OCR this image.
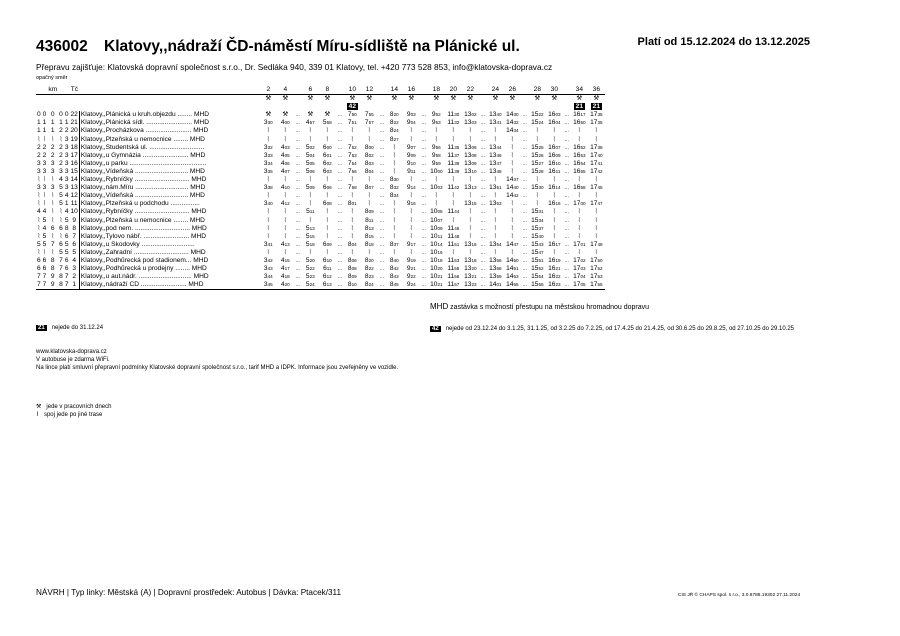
436002 Klatovy,,nádraží ČD-náměstí Míru-sídliště na Plánické ul.	Platí od 15.12.2024 do 13.12.2025
Přepravu zajišťuje: Klatovská dopravní společnost s.r.o., Dr. Sedláka 940, 339 01 Klatovy, tel. +420 773 528 853, info@klatovska-doprava.cz
opačný směr
		km			Tč		2	4		6	8		10	12		14	16		18	20	22		24	26		28	30		34	36
							⚒	⚒		⚒	⚒		⚒	⚒		⚒	⚒		⚒	⚒	⚒		⚒	⚒		⚒	⚒		⚒	⚒
													42																21	21
0	0	0	0	0	22	Klatovy,,Plánická u kruh.objezdu ........ MHD	⚒	⚒	...	⚒	⚒	...	$7^{50}$	$7^{55}$	...	$8^{20}$	$9^{03}$	...	$9^{52}$	$11^{30}$	$13^{02}$	...	$13^{40}$	$14^{30}$	...	$15^{22}$	$16^{03}$	...	$16^{17}$	$17^{35}$
1	1	1	1	1	21	Klatovy,,Plánická sídl. ......................... MHD	$3^{30}$	$4^{00}$	...	$4^{57}$	$5^{58}$	...	$7^{51}$	$7^{57}$	...	$8^{22}$	$9^{04}$	...	$9^{53}$	$11^{32}$	$13^{03}$	...	$13^{41}$	$14^{32}$	...	$15^{24}$	$16^{04}$	...	$16^{50}$	$17^{35}$
1	1	1	2	2	20	Klatovy,,Procházkova ......................... MHD	⌇	⌇	...	⌇	⌇	...	⌇	⌇	...	$8^{24}$	⌇	...	⌇	⌇	⌇	...	⌇	$14^{34}$	...	⌇	⌇	...	⌇	⌇
⌇	⌇	⌇	⌇	3	19	Klatovy,,Plzeňská u nemocnice ........ MHD	⌇	⌇	...	⌇	⌇	...	⌇	⌇	...	$8^{27}$	⌇	...	⌇	⌇	⌇	...	⌇	⌇	...	⌇	⌇	...	⌇	⌇
2	2	2	2	3	18	Klatovy,,Studentská ul. ..............................	$3^{32}$	$4^{03}$	...	$5^{02}$	$6^{00}$	...	$7^{52}$	$8^{00}$	...	⌇	$9^{07}$	...	$9^{56}$	$11^{35}$	$13^{06}$	...	$13^{44}$	⌇	...	$15^{25}$	$16^{07}$	...	$16^{52}$	$17^{38}$
2	2	2	2	3	17	Klatovy,,u Gymnázia ......................... MHD	$3^{33}$	$4^{05}$	...	$5^{04}$	$6^{01}$	...	$7^{53}$	$8^{02}$	...	⌇	$9^{09}$	...	$9^{58}$	$11^{37}$	$13^{08}$	...	$13^{46}$	⌇	...	$15^{26}$	$16^{09}$	...	$16^{53}$	$17^{40}$
3	3	3	2	3	16	Klatovy,,u parku ..........................................	$3^{34}$	$4^{06}$	...	$5^{05}$	$6^{02}$	...	$7^{54}$	$8^{03}$	...	⌇	$9^{10}$	...	$9^{59}$	$11^{38}$	$13^{09}$	...	$13^{47}$	⌇	...	$15^{27}$	$16^{10}$	...	$16^{54}$	$17^{41}$
3	3	3	3	3	15	Klatovy,,Vídeňská ............................. MHD	$3^{35}$	$4^{07}$	...	$5^{06}$	$6^{03}$	...	$7^{56}$	$8^{04}$	...	⌇	$9^{11}$	...	$10^{00}$	$11^{39}$	$13^{10}$	...	$13^{48}$	⌇	...	$15^{28}$	$16^{11}$	...	$16^{55}$	$17^{42}$
⌇	⌇	⌇	4	3	14	Klatovy,,Rybníčky .............................. MHD	⌇	⌇	...	⌇	⌇	...	⌇	⌇	...	$8^{30}$	⌇	...	⌇	⌇	⌇	...	⌇	$14^{37}$	...	⌇	⌇	...	⌇	⌇
3	3	3	5	3	13	Klatovy,,nám.Míru ............................. MHD	$3^{38}$	$4^{10}$	...	$5^{09}$	$6^{06}$	...	$7^{58}$	$8^{07}$	...	$8^{32}$	$9^{14}$	...	$10^{03}$	$11^{42}$	$13^{13}$	...	$13^{51}$	$14^{40}$	...	$15^{30}$	$16^{14}$	...	$16^{58}$	$17^{45}$
⌇	⌇	⌇	5	4	12	Klatovy,,Vídeňská ............................. MHD	⌇	⌇	...	⌇	⌇	...	⌇	⌇	...	$8^{34}$	⌇	...	⌇	⌇	⌇	...	⌇	$14^{42}$	...	⌇	⌇	...	⌇	⌇
⌇	⌇	⌇	5	1	11	Klatovy,,Plzeňská u podchodu ................	$3^{40}$	$4^{12}$	...	⌇	$6^{08}$	...	$8^{01}$	⌇	...	⌇	$9^{16}$	...	⌇	⌇	$13^{15}$	...	$13^{53}$	⌇	...	⌇	$16^{16}$	...	$17^{00}$	$17^{47}$
4	4	⌇	⌇	4	10	Klatovy,,Rybníčky .............................. MHD	⌇	⌇	...	$5^{11}$	⌇	...	⌇	$8^{09}$	...	⌇	⌇	...	$10^{05}$	$11^{44}$	⌇	...	⌇	⌇	...	$15^{31}$	⌇	...	⌇	⌇
⌇	5	⌇	⌇	5	9	Klatovy,,Plzeňská u nemocnice ........ MHD	⌇	⌇	...	⌇	⌇	...	⌇	$8^{11}$	...	⌇	⌇	...	$10^{07}$	⌇	⌇	...	⌇	⌇	...	$15^{34}$	⌇	...	⌇	⌇
⌇	4	6	6	8	8	Klatovy,,pod nem. .............................. MHD	⌇	⌇	...	$5^{13}$	⌇	...	⌇	$8^{13}$	...	⌇	⌇	...	$10^{09}$	$11^{46}$	⌇	...	⌇	⌇	...	$15^{37}$	⌇	...	⌇	⌇
⌇	5	⌇	⌇	6	7	Klatovy,,Tylovo nábř. ......................... MHD	⌇	⌇	...	$5^{15}$	⌇	...	⌇	$8^{15}$	...	⌇	⌇	...	$10^{11}$	$11^{48}$	⌇	...	⌇	⌇	...	$15^{40}$	⌇	...	⌇	⌇
5	5	7	6	5	6	Klatovy,,u Škodovky .............................	$3^{41}$	$4^{13}$	...	$5^{18}$	$6^{09}$	...	$8^{04}$	$8^{18}$	...	$8^{37}$	$9^{17}$	...	$10^{14}$	$11^{51}$	$13^{16}$	...	$13^{54}$	$14^{47}$	...	$15^{43}$	$16^{17}$	...	$17^{01}$	$17^{48}$
⌇	⌇	⌇	5	5	5	Klatovy,,Zahradní .............................. MHD	⌇	⌇	...	⌇	⌇	...	⌇	⌇	...	⌇	⌇	...	$10^{16}$	⌇	⌇	...	⌇	⌇	...	$15^{47}$	⌇	...	⌇	⌇
6	6	8	7	6	4	Klatovy,,Podhůrecká pod stadionem... MHD	$3^{42}$	$4^{15}$	...	$5^{20}$	$6^{10}$	...	$8^{06}$	$8^{20}$	...	$8^{40}$	$9^{19}$	...	$10^{18}$	$11^{53}$	$13^{18}$	...	$13^{56}$	$14^{50}$	...	$15^{51}$	$16^{19}$	...	$17^{02}$	$17^{50}$
6	6	8	7	6	3	Klatovy,,Podhůrecká u prodejny ........ MHD	$3^{43}$	$4^{17}$	...	$5^{22}$	$6^{11}$	...	$8^{08}$	$8^{22}$	...	$8^{42}$	$9^{21}$	...	$10^{20}$	$11^{55}$	$13^{20}$	...	$13^{58}$	$14^{51}$	...	$15^{52}$	$16^{21}$	...	$17^{03}$	$17^{52}$
7	7	9	8	7	2	Klatovy,,u aut.nádr. ............................. MHD	$3^{44}$	$4^{18}$	...	$5^{23}$	$6^{12}$	...	$8^{09}$	$8^{23}$	...	$8^{43}$	$9^{22}$	...	$10^{21}$	$11^{56}$	$13^{21}$	...	$13^{59}$	$14^{53}$	...	$15^{54}$	$16^{22}$	...	$17^{04}$	$17^{53}$
7	7	9	8	7	1	Klatovy,,nádraží ČD ......................... MHD	$3^{45}$	$4^{20}$	...	$5^{24}$	$6^{13}$	...	$8^{10}$	$8^{24}$	...	$8^{45}$	$9^{24}$	...	$10^{21}$	$11^{57}$	$13^{23}$	...	$14^{01}$	$14^{55}$	...	$15^{56}$	$16^{23}$	...	$17^{05}$	$17^{55}$
MHD zastávka s možností přestupu na městskou hromadnou dopravu
21 nejede do 31.12.24	42 nejede od 23.12.24 do 3.1.25, 31.1.25, od 3.2.25 do 7.2.25, od 17.4.25 do 21.4.25, od 30.6.25 do 29.8.25, od 27.10.25 do 29.10.25
www.klatovska-doprava.cz
V autobuse je zdarma WiFi.
Na lince platí smluvní přepravní podmínky Klatovské dopravní společnost s.r.o., tarif MHD a IDPK. Informace jsou zveřejněny ve vozidle.
⚒ jede v pracovních dnech
⌇ spoj jede po jiné trase
NÁVRH | Typ linky: Městská (A) | Dopravní prostředek: Autobus | Dávka: Ptacek/311	CIS JŘ © CHAPS spol. s r.o., 3.0.8788.19302 27.11.2024
